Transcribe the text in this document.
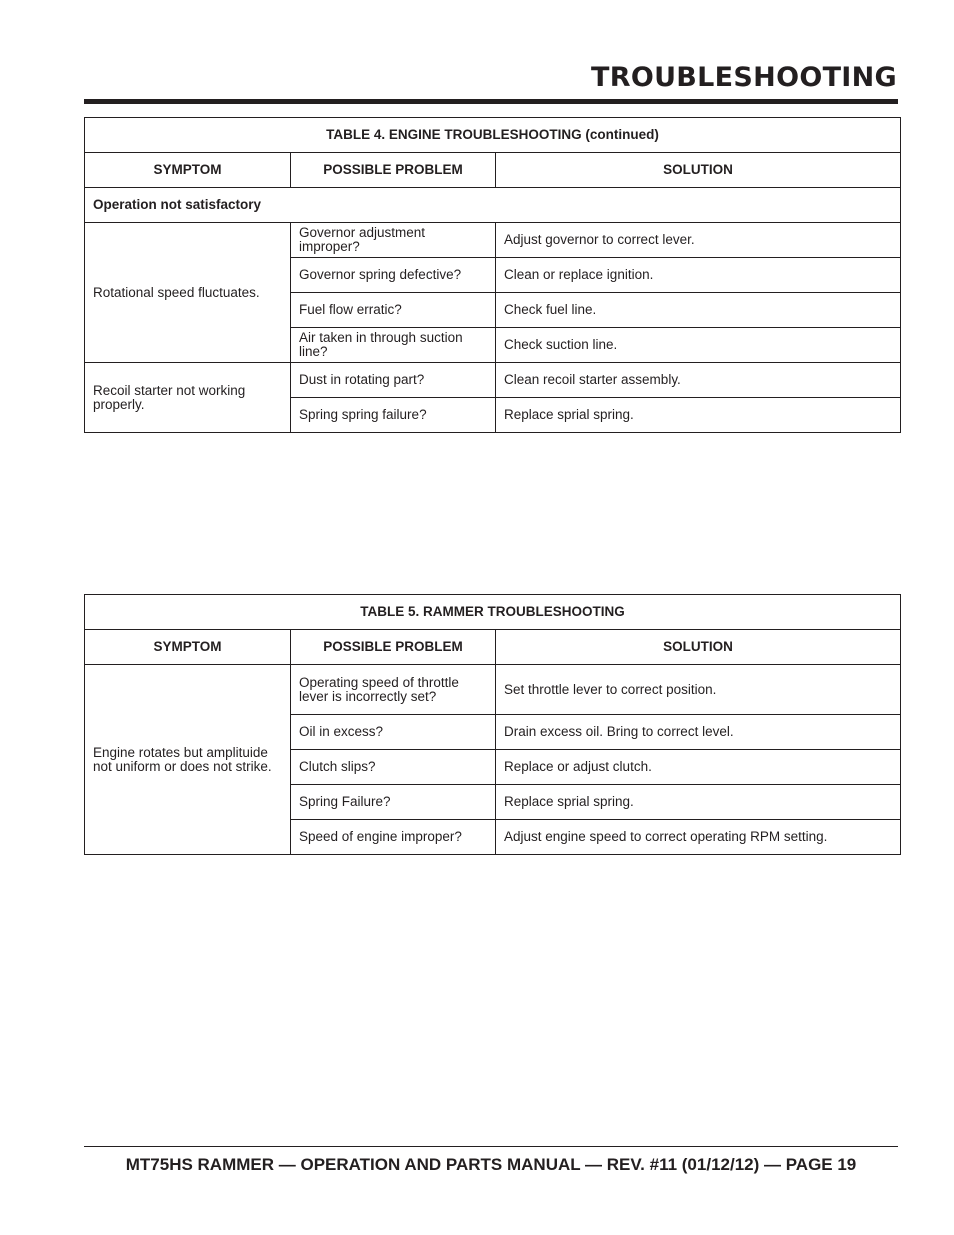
TROUBLESHOOTING
TABLE 4. ENGINE TROUBLESHOOTING (continued)		
SYMPTOM	POSSIBLE PROBLEM	SOLUTION
Operation not satisfactory		
Rotational speed fluctuates.	Governor adjustment improper?	Adjust governor to correct lever.
	Governor spring defective?	Clean or replace ignition.
	Fuel flow erratic?	Check fuel line.
	Air taken in through suction line?	Check suction line.
Recoil starter not working properly.	Dust in rotating part?	Clean recoil starter assembly.
	Spring spring failure?	Replace sprial spring.
TABLE 5. RAMMER TROUBLESHOOTING		
SYMPTOM	POSSIBLE PROBLEM	SOLUTION
Engine rotates but amplituide not uniform or does not strike.	Operating speed of throttle lever is incorrectly set?	Set throttle lever to correct position.
	Oil in excess?	Drain excess oil. Bring to correct level.
	Clutch slips?	Replace or adjust clutch.
	Spring Failure?	Replace sprial spring.
	Speed of engine improper?	Adjust engine speed to correct operating RPM setting.

MT75HS RAMMER — OPERATION AND PARTS MANUAL — REV. #11 (01/12/12) — PAGE 19
